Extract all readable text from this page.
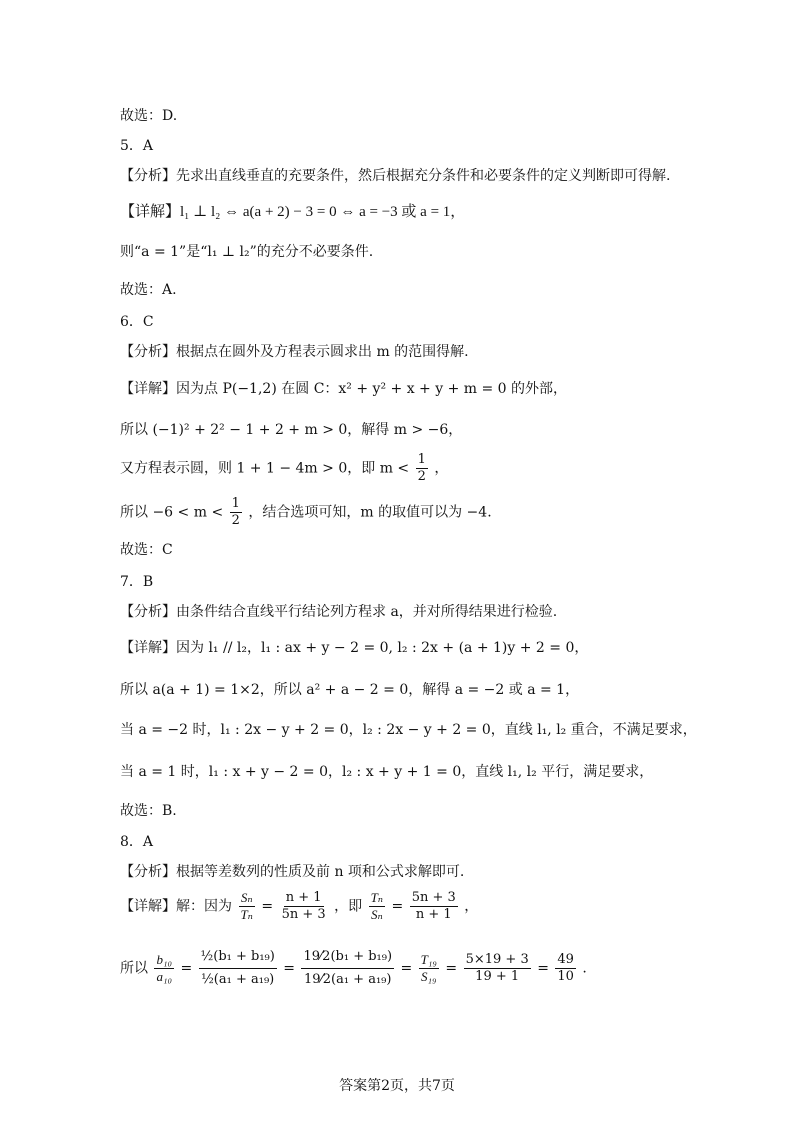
故选：D.
5．A
【分析】先求出直线垂直的充要条件，然后根据充分条件和必要条件的定义判断即可得解.
【详解】l₁ ⊥ l₂ ⇔ a(a + 2) − 3 = 0 ⇔ a = −3 或 a = 1，
则“a = 1”是“l₁ ⊥ l₂”的充分不必要条件.
故选：A.
6．C
【分析】根据点在圆外及方程表示圆求出 m 的范围得解.
【详解】因为点 P(−1,2) 在圆 C：x² + y² + x + y + m = 0 的外部，
所以 (−1)² + 2² − 1 + 2 + m > 0，解得 m > −6，
又方程表示圆，则 1 + 1 − 4m > 0，即 $m < \frac{1}{2}$ ，
所以 $-6 < m < \frac{1}{2}$ ，结合选项可知，m 的取值可以为 −4.
故选：C
7．B
【分析】由条件结合直线平行结论列方程求 a，并对所得结果进行检验.
【详解】因为 l₁ // l₂，l₁ : ax + y − 2 = 0, l₂ : 2x + (a + 1)y + 2 = 0，
所以 a(a + 1) = 1×2，所以 a² + a − 2 = 0，解得 a = −2 或 a = 1，
当 a = −2 时，l₁ : 2x − y + 2 = 0，l₂ : 2x − y + 2 = 0，直线 l₁, l₂ 重合，不满足要求，
当 a = 1 时，l₁ : x + y − 2 = 0，l₂ : x + y + 1 = 0，直线 l₁, l₂ 平行，满足要求，
故选：B.
8．A
【分析】根据等差数列的性质及前 n 项和公式求解即可.
【详解】解：因为 $\frac{\text{Sₙ}}{\text{Tₙ}} = \frac{n + 1}{5n + 3}$ ，即 $\frac{\text{Tₙ}}{\text{Sₙ}} = \frac{5n + 3}{n + 1}$ ，
所以 $\frac{\text{b₁₀}}{\text{a₁₀}} = \frac{\text{½(b₁ + b₁₉)}}{\text{½(a₁ + a₁₉)}} = \frac{\text{19⁄2(b₁ + b₁₉)}}{\text{19⁄2(a₁ + a₁₉)}} = \frac{\text{T₁₉}}{\text{S₁₉}} = \frac{5\times 19 + 3}{19 + 1} = \frac{49}{10}$ .
答案第2页，共7页
